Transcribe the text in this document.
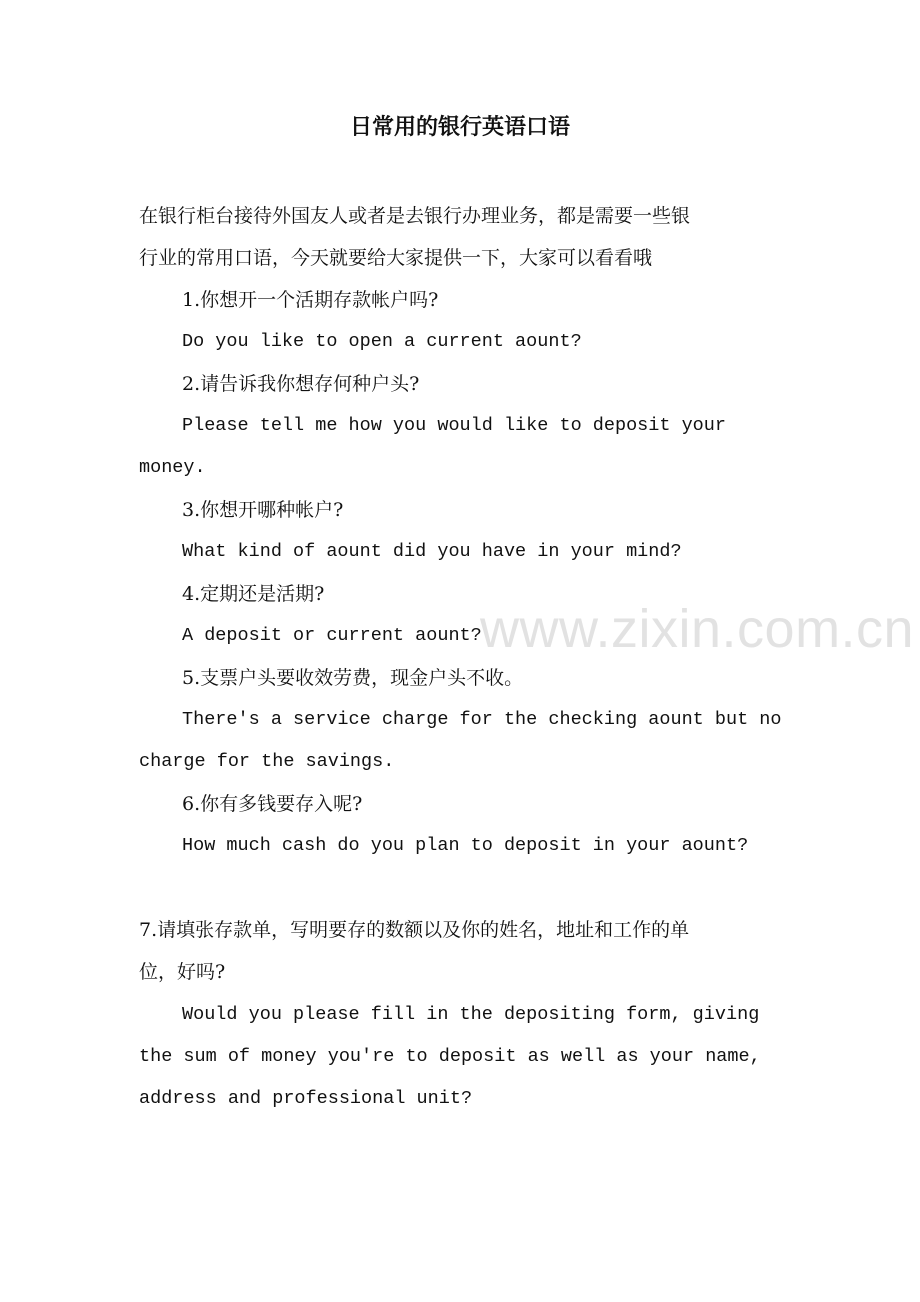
www.zixin.com.cn
日常用的银行英语口语
在银行柜台接待外国友人或者是去银行办理业务，都是需要一些银
行业的常用口语，今天就要给大家提供一下，大家可以看看哦
1.你想开一个活期存款帐户吗?
Do you like to open a current aount?
2.请告诉我你想存何种户头?
Please tell me how you would like to deposit your
money.
3.你想开哪种帐户?
What kind of aount did you have in your mind?
4.定期还是活期?
A deposit or current aount?
5.支票户头要收效劳费，现金户头不收。
There's a service charge for the checking aount but no
charge for the savings.
6.你有多钱要存入呢?
How much cash do you plan to deposit in your aount?
7.请填张存款单，写明要存的数额以及你的姓名，地址和工作的单
位，好吗?
Would you please fill in the depositing form, giving
the sum of money you're to deposit as well as your name,
address and professional unit?
